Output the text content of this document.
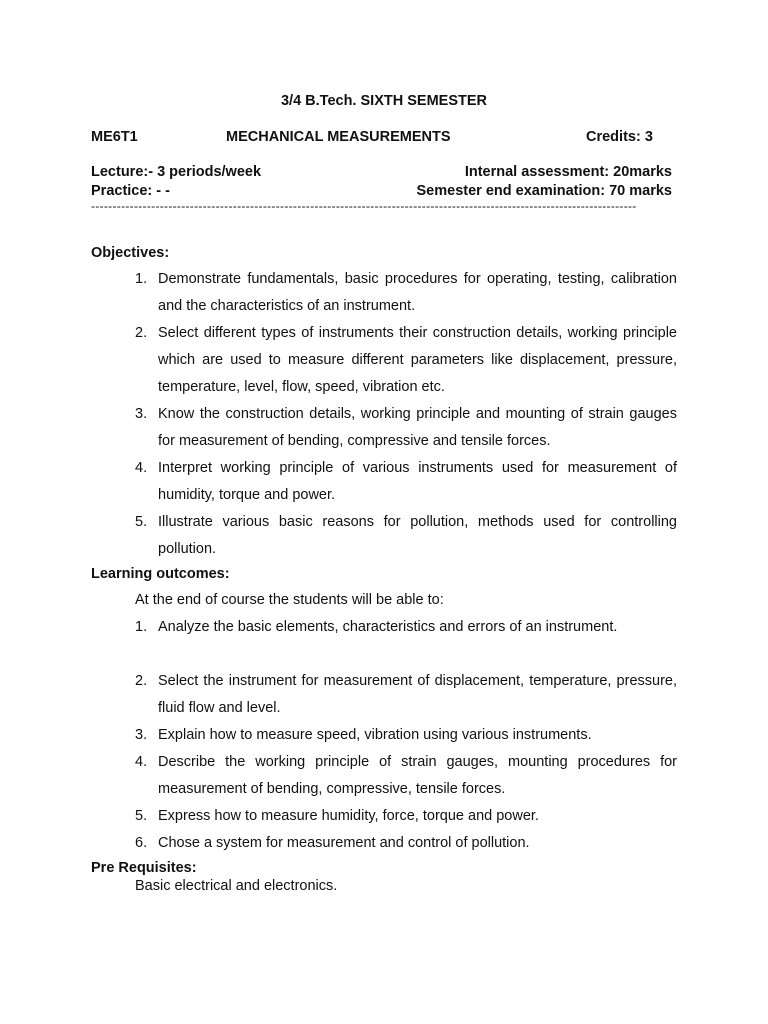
3/4 B.Tech. SIXTH SEMESTER
ME6T1	MECHANICAL MEASUREMENTS	Credits: 3
Lecture:- 3 periods/week	Internal assessment: 20marks
Practice: - -	Semester end examination: 70 marks
-------------------------------------------------------------------------------------------------------------------------------
Objectives:
1. Demonstrate fundamentals, basic procedures for operating, testing, calibration and the characteristics of an instrument.
2. Select different types of instruments their construction details, working principle which are used to measure different parameters like displacement, pressure, temperature, level, flow, speed, vibration etc.
3. Know the construction details, working principle and mounting of strain gauges for measurement of bending, compressive and tensile forces.
4. Interpret working principle of various instruments used for measurement of humidity, torque and power.
5. Illustrate various basic reasons for pollution, methods used for controlling pollution.
Learning outcomes:
At the end of course the students will be able to:
1. Analyze the basic elements, characteristics and errors of an instrument.
2. Select the instrument for measurement of displacement, temperature, pressure, fluid flow and level.
3. Explain how to measure speed, vibration using various instruments.
4. Describe the working principle of strain gauges, mounting procedures for measurement of bending, compressive, tensile forces.
5. Express how to measure humidity, force, torque and power.
6. Chose a system for measurement and control of pollution.
Pre Requisites:
Basic electrical and electronics.
